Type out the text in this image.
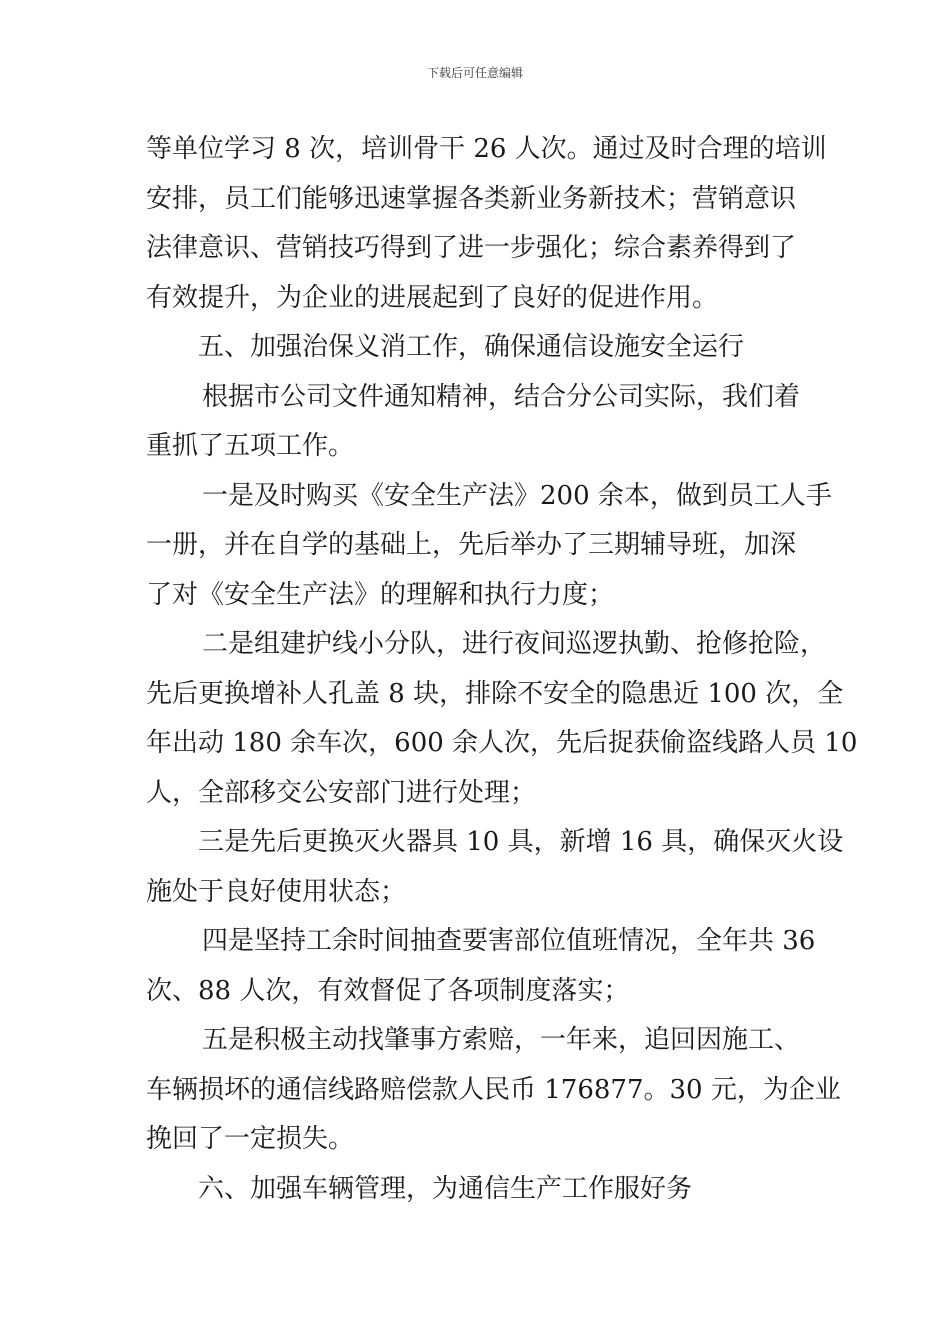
下载后可任意编辑
等单位学习 8 次，培训骨干 26 人次。通过及时合理的培训
安排，员工们能够迅速掌握各类新业务新技术；营销意识
法律意识、营销技巧得到了进一步强化；综合素养得到了
有效提升，为企业的进展起到了良好的促进作用。
五、加强治保义消工作，确保通信设施安全运行
根据市公司文件通知精神，结合分公司实际，我们着
重抓了五项工作。
一是及时购买《安全生产法》200 余本，做到员工人手
一册，并在自学的基础上，先后举办了三期辅导班，加深
了对《安全生产法》的理解和执行力度；
二是组建护线小分队，进行夜间巡逻执勤、抢修抢险，
先后更换增补人孔盖 8 块，排除不安全的隐患近 100 次，全
年出动 180 余车次，600 余人次，先后捉获偷盗线路人员 10
人，全部移交公安部门进行处理；
三是先后更换灭火器具 10 具，新增 16 具，确保灭火设
施处于良好使用状态；
四是坚持工余时间抽查要害部位值班情况，全年共 36
次、88 人次，有效督促了各项制度落实；
五是积极主动找肇事方索赔，一年来，追回因施工、
车辆损坏的通信线路赔偿款人民币 176877。30 元，为企业
挽回了一定损失。
六、加强车辆管理，为通信生产工作服好务
